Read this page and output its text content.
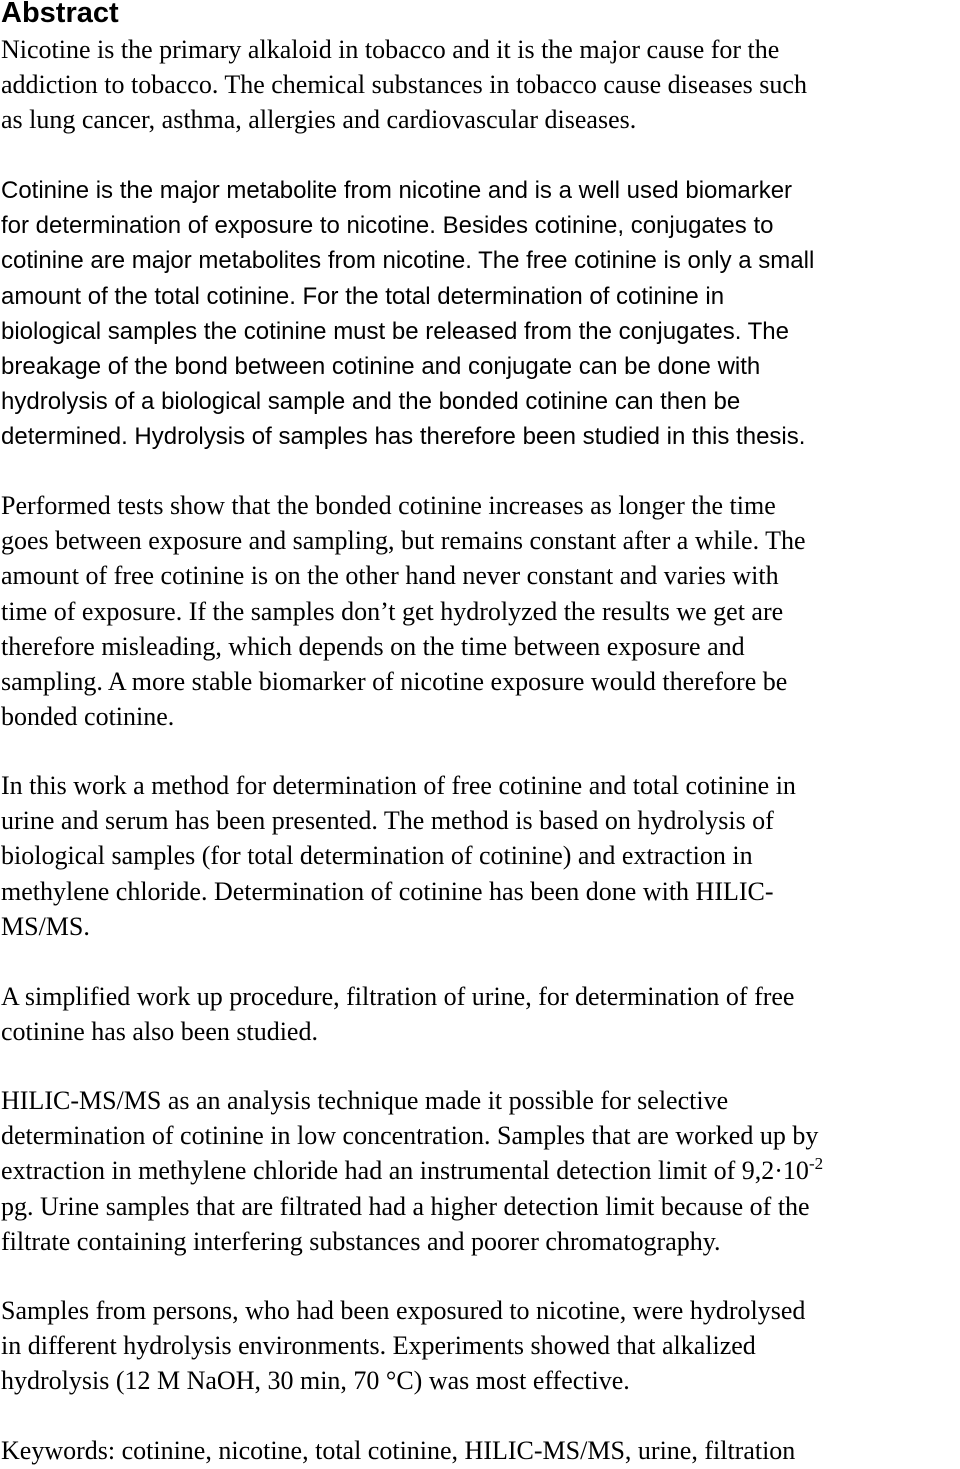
Abstract
Nicotine is the primary alkaloid in tobacco and it is the major cause for the
addiction to tobacco. The chemical substances in tobacco cause diseases such
as lung cancer, asthma, allergies and cardiovascular diseases.
Cotinine is the major metabolite from nicotine and is a well used biomarker
for determination of exposure to nicotine. Besides cotinine, conjugates to
cotinine are major metabolites from nicotine. The free cotinine is only a small
amount of the total cotinine. For the total determination of cotinine in
biological samples the cotinine must be released from the conjugates. The
breakage of the bond between cotinine and conjugate can be done with
hydrolysis of a biological sample and the bonded cotinine can then be
determined. Hydrolysis of samples has therefore been studied in this thesis.
Performed tests show that the bonded cotinine increases as longer the time
goes between exposure and sampling, but remains constant after a while. The
amount of free cotinine is on the other hand never constant and varies with
time of exposure. If the samples don’t get hydrolyzed the results we get are
therefore misleading, which depends on the time between exposure and
sampling. A more stable biomarker of nicotine exposure would therefore be
bonded cotinine.
In this work a method for determination of free cotinine and total cotinine in
urine and serum has been presented. The method is based on hydrolysis of
biological samples (for total determination of cotinine) and extraction in
methylene chloride. Determination of cotinine has been done with HILIC-
MS/MS.
A simplified work up procedure, filtration of urine, for determination of free
cotinine has also been studied.
HILIC-MS/MS as an analysis technique made it possible for selective
determination of cotinine in low concentration. Samples that are worked up by
extraction in methylene chloride had an instrumental detection limit of $9,2\cdot 10^{-2}$
pg. Urine samples that are filtrated had a higher detection limit because of the
filtrate containing interfering substances and poorer chromatography.
Samples from persons, who had been exposured to nicotine, were hydrolysed
in different hydrolysis environments. Experiments showed that alkalized
hydrolysis (12 M NaOH, 30 min, 70 °C) was most effective.
Keywords: cotinine, nicotine, total cotinine, HILIC-MS/MS, urine, filtration
